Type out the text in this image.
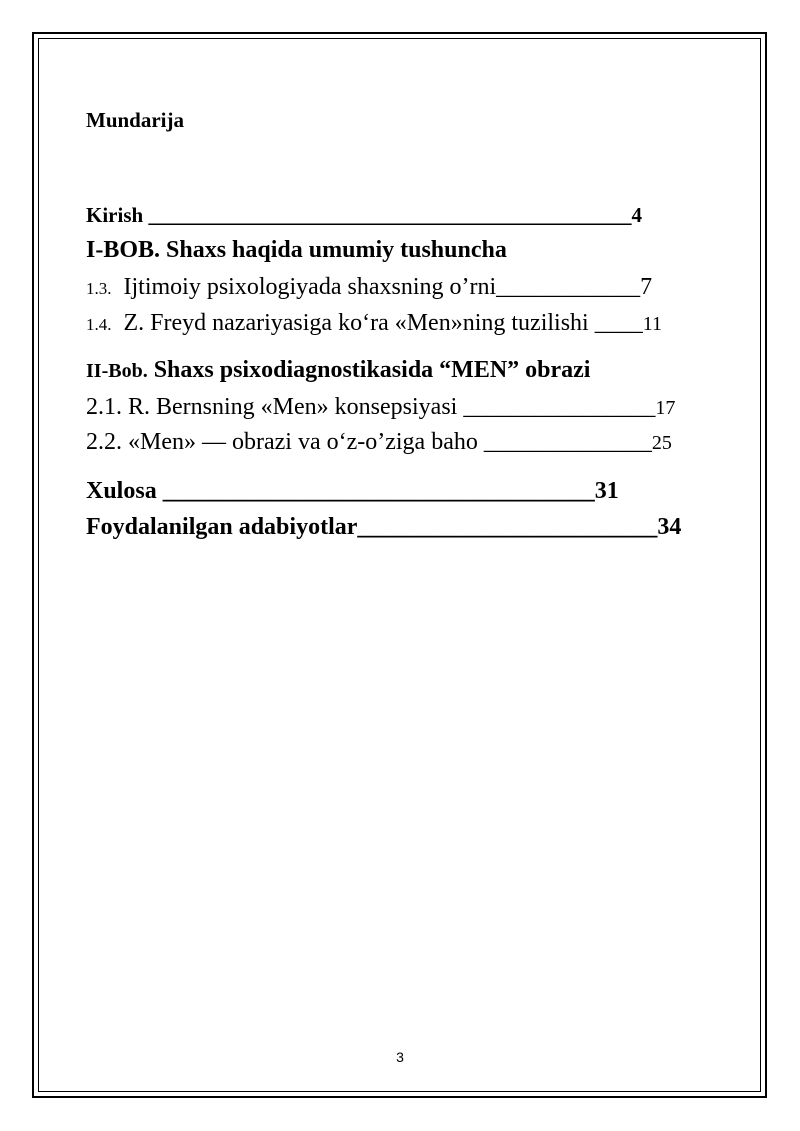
Mundarija
Kirish ______________________________________________4
I-BOB. Shaxs haqida umumiy tushuncha
1.3.  Ijtimoiy psixologiyada shaxsning o’rni____________7
1.4.  Z. Freyd nazariyasiga ko‘ra «Men»ning tuzilishi ____11
II-Bob. Shaxs psixodiagnostikasida “MEN” obrazi
2.1. R. Bernsning «Men» konsepsiyasi ________________17
2.2. «Men» — obrazi va o‘z-o’ziga baho ______________25
Xulosa ____________________________________31
Foydalanilgan adabiyotlar_________________________34
3
